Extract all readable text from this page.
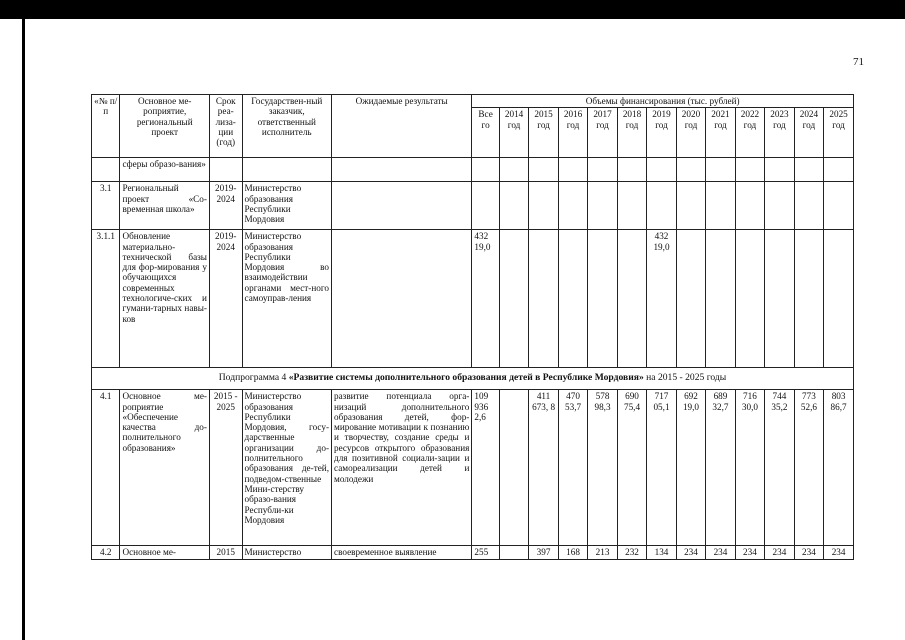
71
«№ п/п	Основное ме-роприятие, региональный проект	Срок реа-лиза-ции (год)	Государствен-ный заказчик, ответственный исполнитель	Ожидаемые результаты	Объемы финансирования (тыс. рублей)												
					Все го	2014 год	2015 год	2016 год	2017 год	2018 год	2019 год	2020 год	2021 год	2022 год	2023 год	2024 год	2025 год
	сферы образо-вания»																
3.1	Региональный проект «Со-временная школа»	2019-2024	Министерство образования Республики Мордовия														
3.1.1	Обновление материально-технической базы для фор-мирования у обучающихся современных технологиче-ских и гумани-тарных навы-ков	2019-2024	Министерство образования Республики Мордовия во взаимодействии органами мест-ного самоуправ-ления		432 19,0						432 19,0						
Подпрограмма 4 «Развитие системы дополнительного образования детей в Республике Мордовия» на 2015 - 2025 годы																	
4.1	Основное ме-роприятие «Обеспечение качества до-полнительного образования»	2015 - 2025	Министерство образования Республики Мордовия, госу-дарственные организации до-полнительного образования де-тей, подведом-ственные Мини-стерству образо-вания Республи-ки Мордовия	развитие потенциала орга-низаций дополнительного образования детей, фор-мирование мотивации к познанию и творчеству, создание среды и ресурсов открытого образования для позитивной социали-зации и самореализации детей и молодежи	109 936 2,6		411 673, 8	470 53,7	578 98,3	690 75,4	717 05,1	692 19,0	689 32,7	716 30,0	744 35,2	773 52,6	803 86,7
4.2	Основное ме-	2015	Министерство	своевременное выявление	255		397	168	213	232	134	234	234	234	234	234	234
